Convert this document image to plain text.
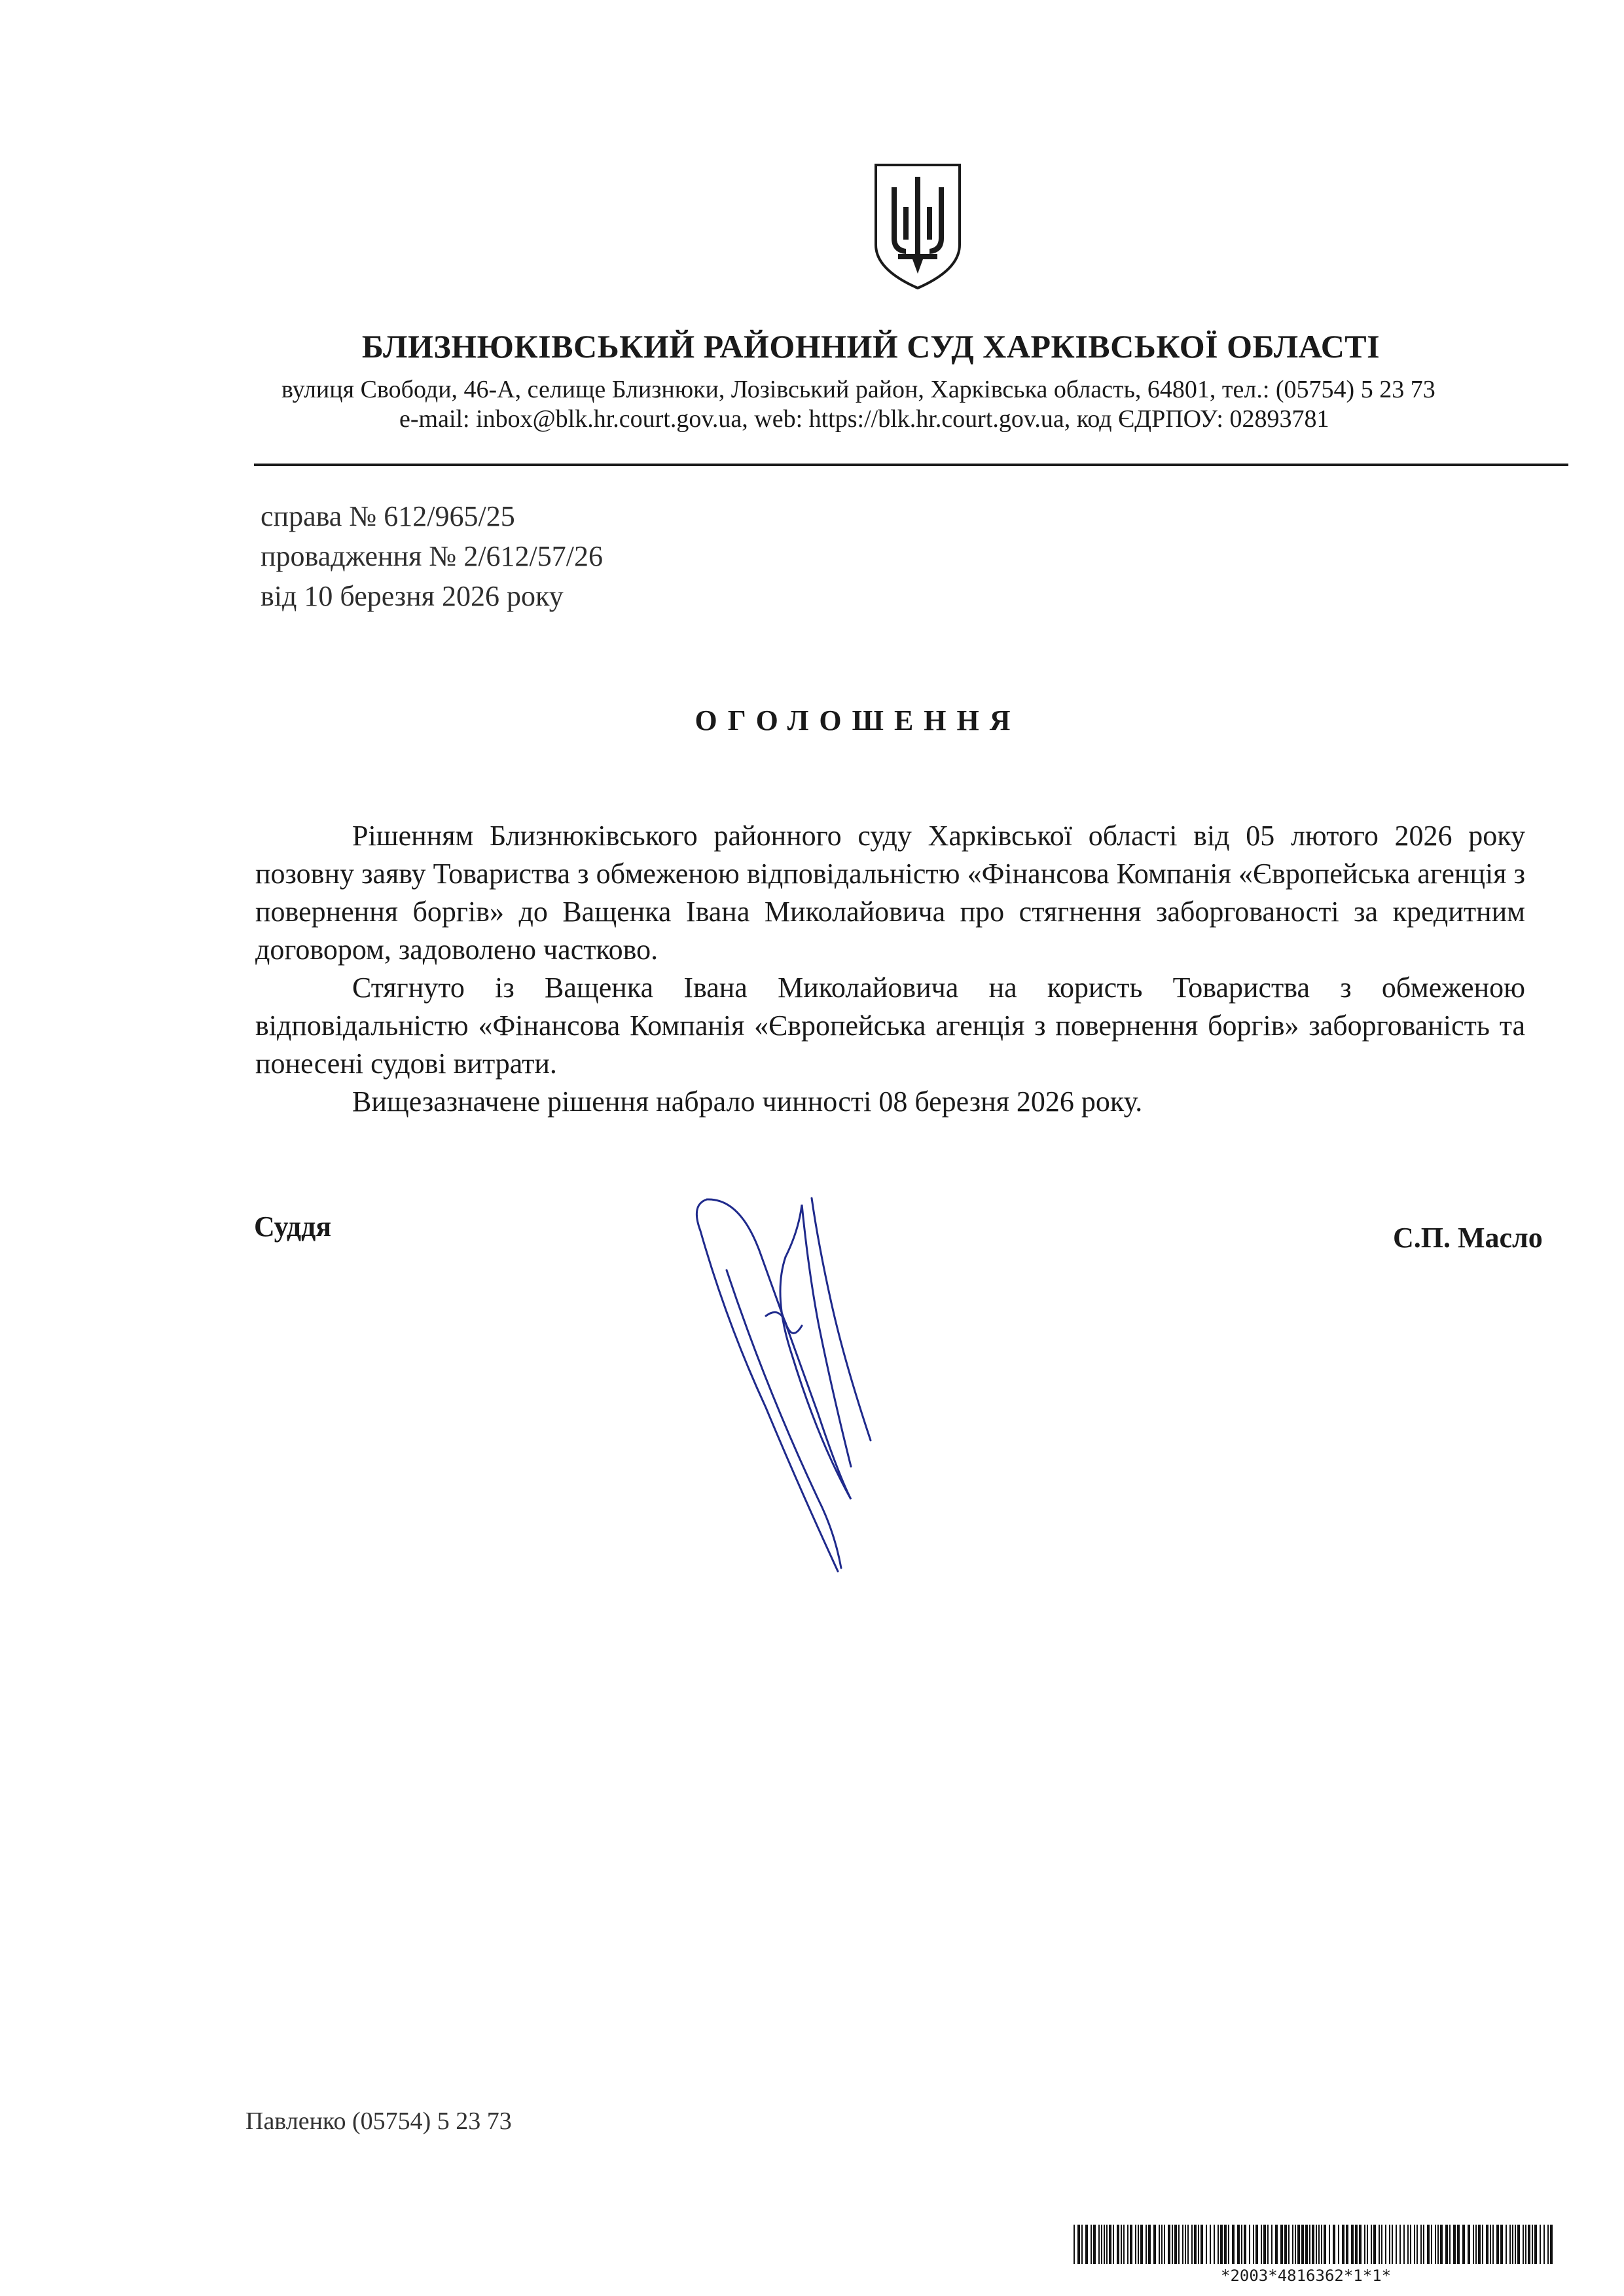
БЛИЗНЮКІВСЬКИЙ РАЙОННИЙ СУД ХАРКІВСЬКОЇ ОБЛАСТІ
вулиця Свободи, 46-А, селище Близнюки, Лозівський район, Харківська область, 64801, тел.: (05754) 5 23 73
e-mail: inbox@blk.hr.court.gov.ua, web: https://blk.hr.court.gov.ua, код ЄДРПОУ: 02893781
справа № 612/965/25
провадження № 2/612/57/26
від 10 березня 2026 року
ОГОЛОШЕННЯ

Рішенням Близнюківського районного суду Харківської області від 05 лютого 2026 року позовну заяву Товариства з обмеженою відповідальністю «Фінансова Компанія «Європейська агенція з повернення боргів» до Ващенка Івана Миколайовича про стягнення заборгованості за кредитним договором, задоволено частково.

Стягнуто із Ващенка Івана Миколайовича на користь Товариства з обмеженою відповідальністю «Фінансова Компанія «Європейська агенція з повернення боргів» заборгованість та понесені судові витрати.

Вищезазначене рішення набрало чинності 08 березня 2026 року.

Суддя	С.П. Масло
Павленко (05754) 5 23 73
*2003*4816362*1*1*
